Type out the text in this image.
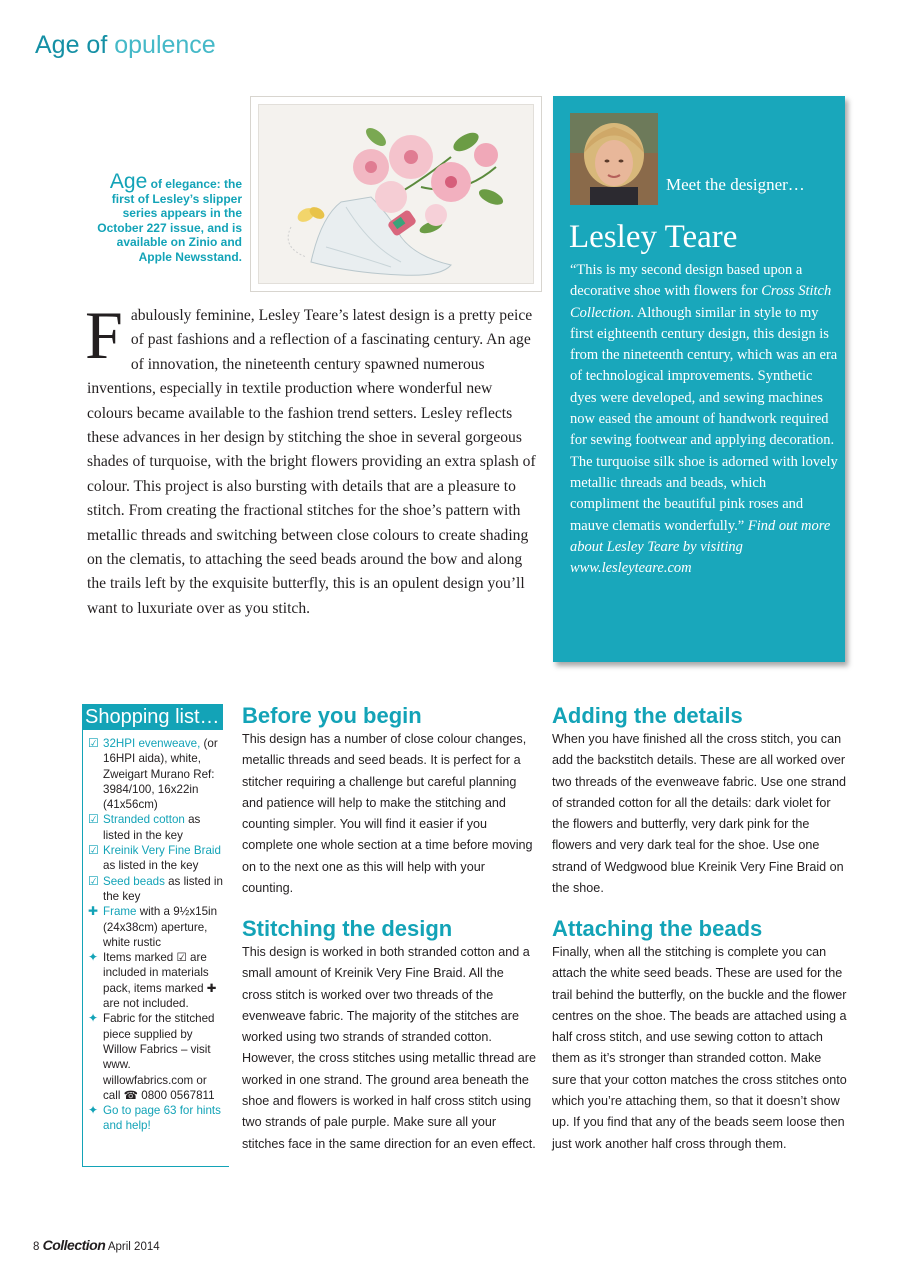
Age of opulence
Age of elegance: the first of Lesley’s slipper series appears in the October 227 issue, and is available on Zinio and Apple Newsstand.

Fabulously feminine, Lesley Teare’s latest design is a pretty peice of past fashions and a reflection of a fascinating century. An age of innovation, the nineteenth century spawned numerous inventions, especially in textile production where wonderful new colours became available to the fashion trend setters. Lesley reflects these advances in her design by stitching the shoe in several gorgeous shades of turquoise, with the bright flowers providing an extra splash of colour. This project is also bursting with details that are a pleasure to stitch. From creating the fractional stitches for the shoe’s pattern with metallic threads and switching between close colours to create shading on the clematis, to attaching the seed beads around the bow and along the trails left by the exquisite butterfly, this is an opulent design you’ll want to luxuriate over as you stitch.

Meet the designer…
Lesley Teare

“This is my second design based upon a decorative shoe with flowers for Cross Stitch Collection. Although similar in style to my first eighteenth century design, this design is from the nineteenth century, which was an era of technological improvements. Synthetic dyes were developed, and sewing machines now eased the amount of handwork required for sewing footwear and applying decoration. The turquoise silk shoe is adorned with lovely metallic threads and beads, which compliment the beautiful pink roses and mauve clematis wonderfully.” Find out more about Lesley Teare by visiting www.lesleyteare.com

Shopping list…
☑ 32HPI evenweave, (or 16HPI aida), white, Zweigart Murano Ref: 3984/100, 16x22in (41x56cm)
☑ Stranded cotton as listed in the key
☑ Kreinik Very Fine Braid as listed in the key
☑ Seed beads as listed in the key
✚ Frame with a 9½x15in (24x38cm) aperture, white rustic
✦ Items marked ☑ are included in materials pack, items marked ✚ are not included.
✦ Fabric for the stitched piece supplied by Willow Fabrics – visit www. willowfabrics.com or call ☎ 0800 0567811
✦ Go to page 63 for hints and help!
Before you begin

This design has a number of close colour changes, metallic threads and seed beads. It is perfect for a stitcher requiring a challenge but careful planning and patience will help to make the stitching and counting simpler. You will find it easier if you complete one whole section at a time before moving on to the next one as this will help with your counting.

Stitching the design

This design is worked in both stranded cotton and a small amount of Kreinik Very Fine Braid. All the cross stitch is worked over two threads of the evenweave fabric. The majority of the stitches are worked using two strands of stranded cotton. However, the cross stitches using metallic thread are worked in one strand. The ground area beneath the shoe and flowers is worked in half cross stitch using two strands of pale purple. Make sure all your stitches face in the same direction for an even effect.

Adding the details

When you have finished all the cross stitch, you can add the backstitch details. These are all worked over two threads of the evenweave fabric. Use one strand of stranded cotton for all the details: dark violet for the flowers and butterfly, very dark pink for the flowers and very dark teal for the shoe. Use one strand of Wedgwood blue Kreinik Very Fine Braid on the shoe.

Attaching the beads

Finally, when all the stitching is complete you can attach the white seed beads. These are used for the trail behind the butterfly, on the buckle and the flower centres on the shoe. The beads are attached using a half cross stitch, and use sewing cotton to attach them as it’s stronger than stranded cotton. Make sure that your cotton matches the cross stitches onto which you’re attaching them, so that it doesn’t show up. If you find that any of the beads seem loose then just work another half cross through them.

8 Collection April 2014
